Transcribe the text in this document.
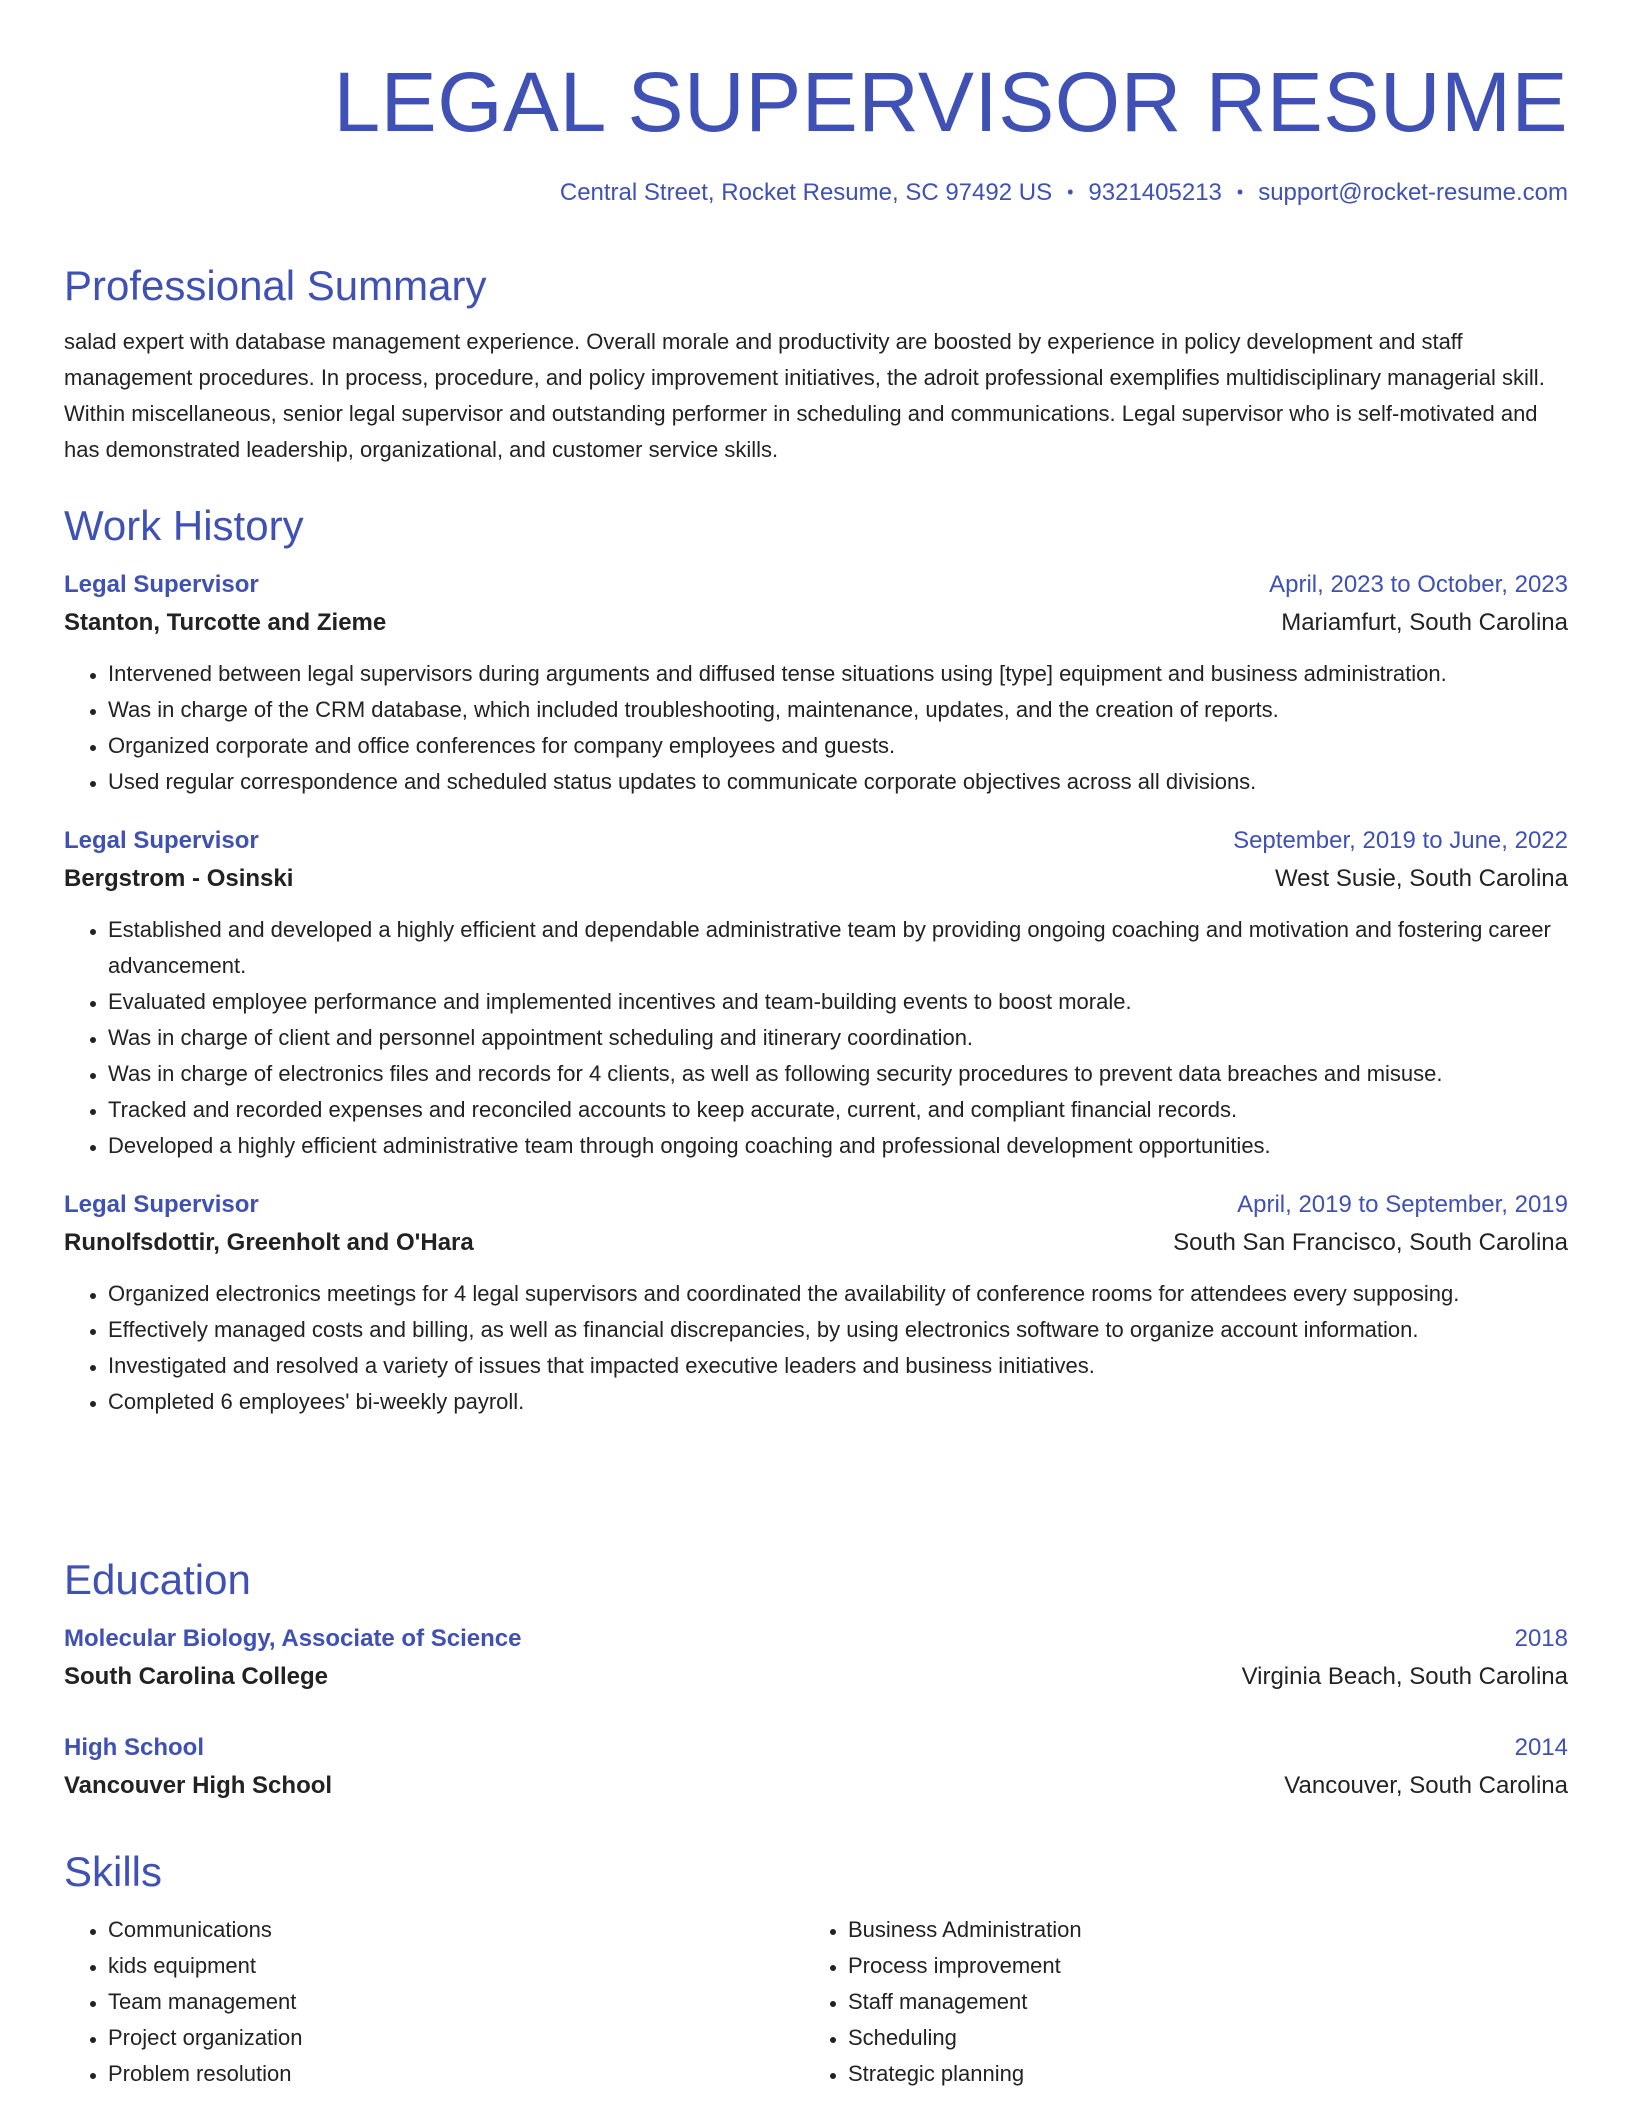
LEGAL SUPERVISOR RESUME
Central Street, Rocket Resume, SC 97492 US • 9321405213 • support@rocket-resume.com
Professional Summary

salad expert with database management experience. Overall morale and productivity are boosted by experience in policy development and staff management procedures. In process, procedure, and policy improvement initiatives, the adroit professional exemplifies multidisciplinary managerial skill. Within miscellaneous, senior legal supervisor and outstanding performer in scheduling and communications. Legal supervisor who is self-motivated and has demonstrated leadership, organizational, and customer service skills.

Work History
Legal Supervisor	April, 2023 to October, 2023
Stanton, Turcotte and Zieme	Mariamfurt, South Carolina
• Intervened between legal supervisors during arguments and diffused tense situations using [type] equipment and business administration.
• Was in charge of the CRM database, which included troubleshooting, maintenance, updates, and the creation of reports.
• Organized corporate and office conferences for company employees and guests.
• Used regular correspondence and scheduled status updates to communicate corporate objectives across all divisions.
Legal Supervisor	September, 2019 to June, 2022
Bergstrom - Osinski	West Susie, South Carolina
• Established and developed a highly efficient and dependable administrative team by providing ongoing coaching and motivation and fostering career advancement.
• Evaluated employee performance and implemented incentives and team-building events to boost morale.
• Was in charge of client and personnel appointment scheduling and itinerary coordination.
• Was in charge of electronics files and records for 4 clients, as well as following security procedures to prevent data breaches and misuse.
• Tracked and recorded expenses and reconciled accounts to keep accurate, current, and compliant financial records.
• Developed a highly efficient administrative team through ongoing coaching and professional development opportunities.
Legal Supervisor	April, 2019 to September, 2019
Runolfsdottir, Greenholt and O'Hara	South San Francisco, South Carolina
• Organized electronics meetings for 4 legal supervisors and coordinated the availability of conference rooms for attendees every supposing.
• Effectively managed costs and billing, as well as financial discrepancies, by using electronics software to organize account information.
• Investigated and resolved a variety of issues that impacted executive leaders and business initiatives.
• Completed 6 employees' bi-weekly payroll.
Education
Molecular Biology, Associate of Science	2018
South Carolina College	Virginia Beach, South Carolina
High School	2014
Vancouver High School	Vancouver, South Carolina
Skills
• Communications
• kids equipment
• Team management
• Project organization
• Problem resolution
• Business Administration
• Process improvement
• Staff management
• Scheduling
• Strategic planning
